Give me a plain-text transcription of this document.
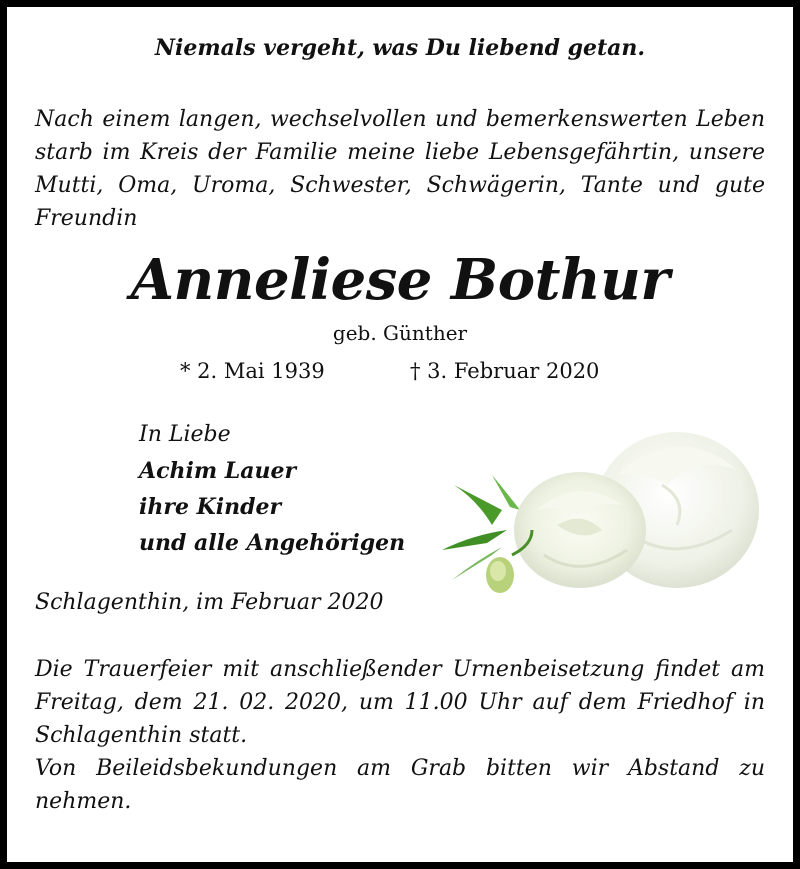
Niemals vergeht, was Du liebend getan.
Nach einem langen, wechselvollen und bemerkenswerten Leben starb im Kreis der Familie meine liebe Lebensgefährtin, unsere Mutti, Oma, Uroma, Schwester, Schwägerin, Tante und gute Freundin
Anneliese Bothur
geb. Günther
* 2. Mai 1939	† 3. Februar 2020
In Liebe
Achim Lauer
ihre Kinder
und alle Angehörigen
Schlagenthin, im Februar 2020
Die Trauerfeier mit anschließender Urnenbeisetzung findet am Freitag, dem 21. 02. 2020, um 11.00 Uhr auf dem Friedhof in Schlagenthin statt.
Von Beileidsbekundungen am Grab bitten wir Abstand zu nehmen.
